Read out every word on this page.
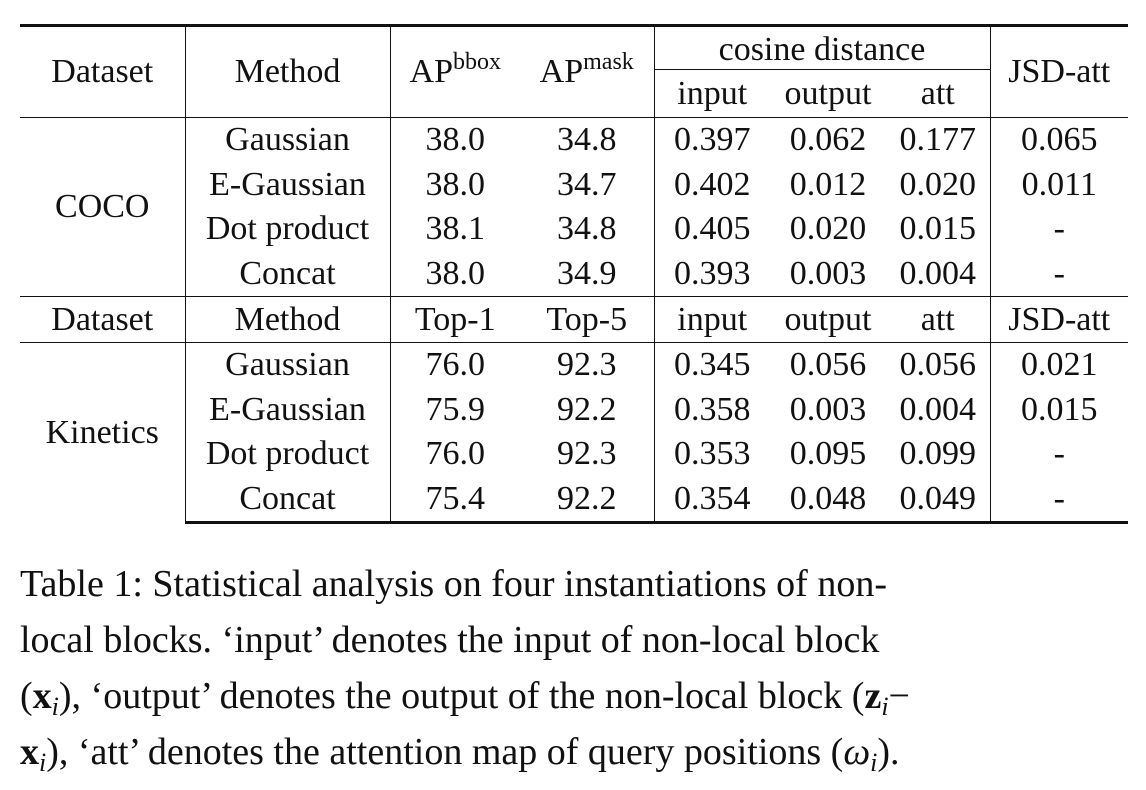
Dataset	Method	$AP^{bbox}$	$AP^{mask}$	cosine distance			JSD-att
				input	output	att	
COCO	Gaussian	38.0	34.8	0.397	0.062	0.177	0.065
	E-Gaussian	38.0	34.7	0.402	0.012	0.020	0.011
	Dot product	38.1	34.8	0.405	0.020	0.015	-
	Concat	38.0	34.9	0.393	0.003	0.004	-
Dataset	Method	Top-1	Top-5	input	output	att	JSD-att
Kinetics	Gaussian	76.0	92.3	0.345	0.056	0.056	0.021
	E-Gaussian	75.9	92.2	0.358	0.003	0.004	0.015
	Dot product	76.0	92.3	0.353	0.095	0.099	-
	Concat	75.4	92.2	0.354	0.048	0.049	-
Table 1: Statistical analysis on four instantiations of non-
local blocks. ‘input’ denotes the input of non-local block
(xi), ‘output’ denotes the output of the non-local block (zi−
xi), ‘att’ denotes the attention map of query positions (ωi).
